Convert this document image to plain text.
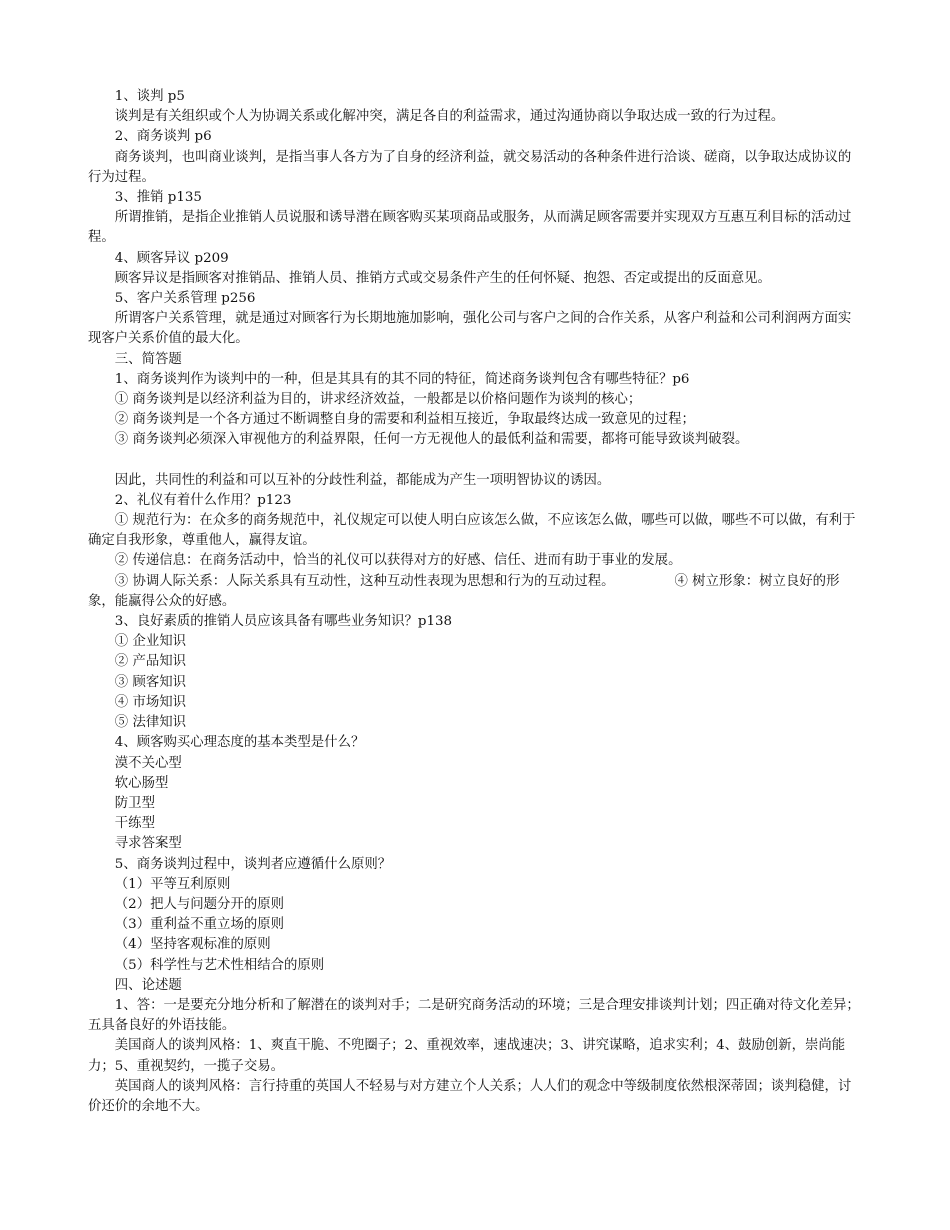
1、谈判 p5

谈判是有关组织或个人为协调关系或化解冲突，满足各自的利益需求，通过沟通协商以争取达成一致的行为过程。

2、商务谈判 p6

商务谈判，也叫商业谈判，是指当事人各方为了自身的经济利益，就交易活动的各种条件进行洽谈、磋商，以争取达成协议的行为过程。

3、推销 p135

所谓推销，是指企业推销人员说服和诱导潜在顾客购买某项商品或服务，从而满足顾客需要并实现双方互惠互利目标的活动过程。

4、顾客异议 p209

顾客异议是指顾客对推销品、推销人员、推销方式或交易条件产生的任何怀疑、抱怨、否定或提出的反面意见。

5、客户关系管理 p256

所谓客户关系管理，就是通过对顾客行为长期地施加影响，强化公司与客户之间的合作关系，从客户利益和公司利润两方面实现客户关系价值的最大化。

三、简答题

1、商务谈判作为谈判中的一种，但是其具有的其不同的特征，简述商务谈判包含有哪些特征？p6

① 商务谈判是以经济利益为目的，讲求经济效益，一般都是以价格问题作为谈判的核心；

② 商务谈判是一个各方通过不断调整自身的需要和利益相互接近，争取最终达成一致意见的过程；

③ 商务谈判必须深入审视他方的利益界限，任何一方无视他人的最低利益和需要，都将可能导致谈判破裂。

因此，共同性的利益和可以互补的分歧性利益，都能成为产生一项明智协议的诱因。

2、礼仪有着什么作用？p123

① 规范行为：在众多的商务规范中，礼仪规定可以使人明白应该怎么做，不应该怎么做，哪些可以做，哪些不可以做，有利于确定自我形象，尊重他人，赢得友谊。

② 传递信息：在商务活动中，恰当的礼仪可以获得对方的好感、信任、进而有助于事业的发展。

③ 协调人际关系：人际关系具有互动性，这种互动性表现为思想和行为的互动过程。	④ 树立形象：树立良好的形象，能赢得公众的好感。

3、良好素质的推销人员应该具备有哪些业务知识？p138

① 企业知识

② 产品知识

③ 顾客知识

④ 市场知识

⑤ 法律知识

4、顾客购买心理态度的基本类型是什么？

漠不关心型

软心肠型

防卫型

干练型

寻求答案型

5、商务谈判过程中，谈判者应遵循什么原则？

（1）平等互利原则

（2）把人与问题分开的原则

（3）重利益不重立场的原则

（4）坚持客观标准的原则

（5）科学性与艺术性相结合的原则

四、论述题

1、答：一是要充分地分析和了解潜在的谈判对手；二是研究商务活动的环境；三是合理安排谈判计划；四正确对待文化差异；五具备良好的外语技能。

美国商人的谈判风格：1、爽直干脆、不兜圈子；2、重视效率，速战速决；3、讲究谋略，追求实利；4、鼓励创新，崇尚能力；5、重视契约，一揽子交易。

英国商人的谈判风格：言行持重的英国人不轻易与对方建立个人关系；人人们的观念中等级制度依然根深蒂固；谈判稳健，讨价还价的余地不大。
